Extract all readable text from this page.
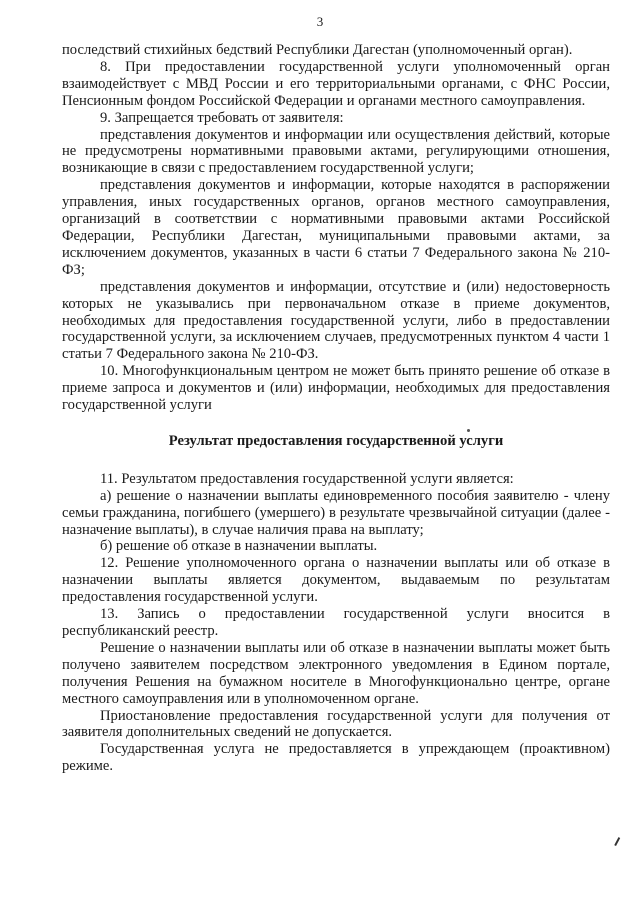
3

последствий стихийных бедствий Республики Дагестан (уполномоченный орган).

8. При предоставлении государственной услуги уполномоченный орган взаимодействует с МВД России и его территориальными органами, с ФНС России, Пенсионным фондом Российской Федерации и органами местного самоуправления.

9. Запрещается требовать от заявителя:

представления документов и информации или осуществления действий, которые не предусмотрены нормативными правовыми актами, регулирующими отношения, возникающие в связи с предоставлением государственной услуги;

представления документов и информации, которые находятся в распоряжении управления, иных государственных органов, органов местного самоуправления, организаций в соответствии с нормативными правовыми актами Российской Федерации, Республики Дагестан, муниципальными правовыми актами, за исключением документов, указанных в части 6 статьи 7 Федерального закона № 210-ФЗ;

представления документов и информации, отсутствие и (или) недостоверность которых не указывались при первоначальном отказе в приеме документов, необходимых для предоставления государственной услуги, либо в предоставлении государственной услуги, за исключением случаев, предусмотренных пунктом 4 части 1 статьи 7 Федерального закона № 210-ФЗ.

10. Многофункциональным центром не может быть принято решение об отказе в приеме запроса и документов и (или) информации, необходимых для предоставления государственной услуги

Результат предоставления государственной услуги

11. Результатом предоставления государственной услуги является:

а) решение о назначении выплаты единовременного пособия заявителю - члену семьи гражданина, погибшего (умершего) в результате чрезвычайной ситуации (далее - назначение выплаты), в случае наличия права на выплату;

б) решение об отказе в назначении выплаты.

12. Решение уполномоченного органа о назначении выплаты или об отказе в назначении выплаты является документом, выдаваемым по результатам предоставления государственной услуги.

13. Запись о предоставлении государственной услуги вносится в республиканский реестр.

Решение о назначении выплаты или об отказе в назначении выплаты может быть получено заявителем посредством электронного уведомления в Едином портале, получения Решения на бумажном носителе в Многофункционально центре, органе местного самоуправления или в уполномоченном органе.

Приостановление предоставления государственной услуги для получения от заявителя дополнительных сведений не допускается.

Государственная услуга не предоставляется в упреждающем (проактивном) режиме.
